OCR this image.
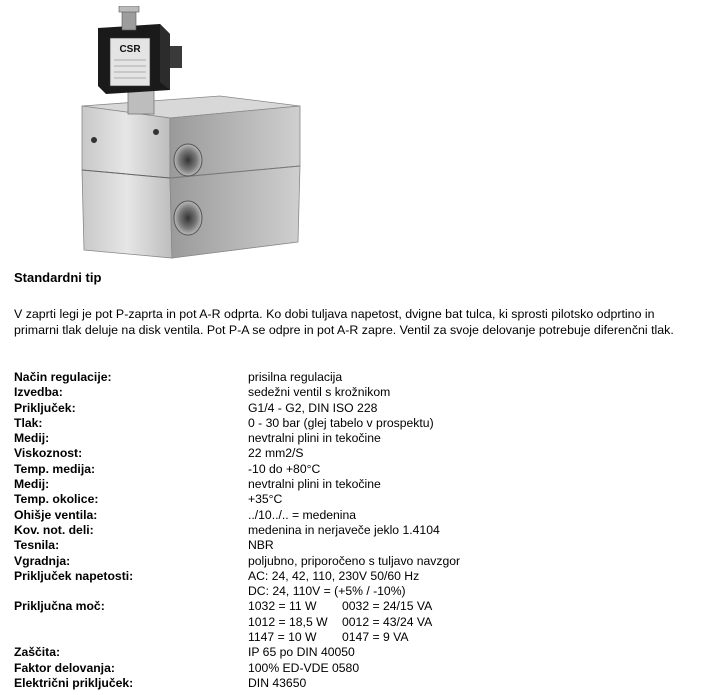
CSR
Standardni tip
V zaprti legi je pot P-zaprta in pot A-R odprta. Ko dobi tuljava napetost, dvigne bat tulca, ki sprosti pilotsko odprtino in primarni tlak deluje na disk ventila. Pot P-A se odpre in pot A-R zapre. Ventil za svoje delovanje potrebuje diferenčni tlak.
Način regulacije:	prisilna regulacija
Izvedba:	sedežni ventil s krožnikom
Priključek:	G1/4 - G2, DIN ISO 228
Tlak:	0 - 30 bar (glej tabelo v prospektu)
Medij:	nevtralni plini in tekočine
Viskoznost:	22 mm2/S
Temp. medija:	-10 do +80°C
Medij:	nevtralni plini in tekočine
Temp. okolice:	+35°C
Ohišje ventila:	../10../.. = medenina
Kov. not. deli:	medenina in nerjaveče jeklo 1.4104
Tesnila:	NBR
Vgradnja:	poljubno, priporočeno s tuljavo navzgor
Priključek napetosti:	AC: 24, 42, 110, 230V 50/60 Hz
DC: 24, 110V = (+5% / -10%)
Priključna moč:	1032 = 11 W	0032 = 24/15 VA
1012 = 18,5 W	0012 = 43/24 VA
1147 = 10 W	0147 = 9 VA
Zaščita:	IP 65 po DIN 40050
Faktor delovanja:	100% ED-VDE 0580
Električni priključek:	DIN 43650
